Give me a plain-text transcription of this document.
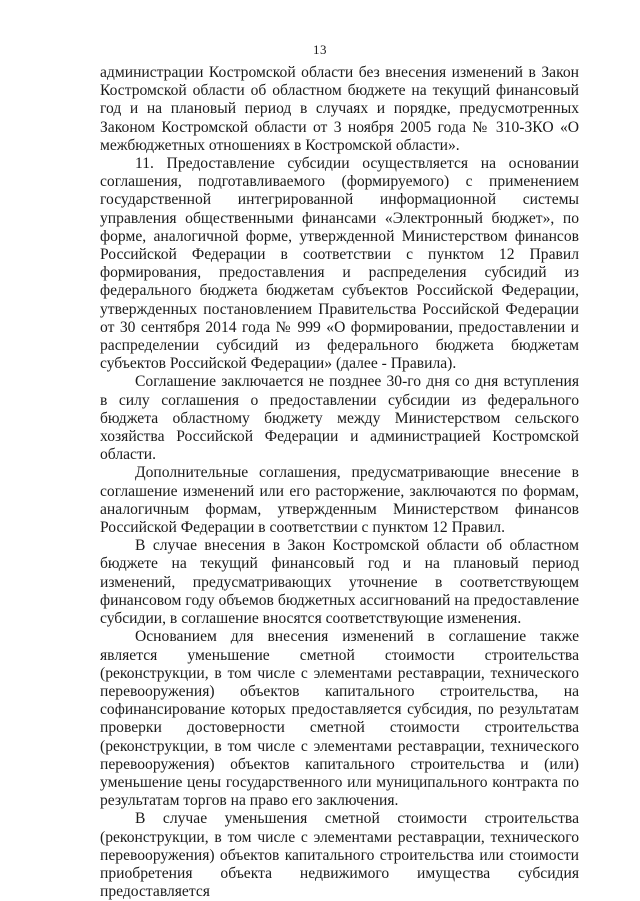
13

администрации Костромской области без внесения изменений в Закон Костромской области об областном бюджете на текущий финансовый год и на плановый период в случаях и порядке, предусмотренных Законом Костромской области от 3 ноября 2005 года № 310-ЗКО «О межбюджетных отношениях в Костромской области».

11. Предоставление субсидии осуществляется на основании соглашения, подготавливаемого (формируемого) с применением государственной интегрированной информационной системы управления общественными финансами «Электронный бюджет», по форме, аналогичной форме, утвержденной Министерством финансов Российской Федерации в соответствии с пунктом 12 Правил формирования, предоставления и распределения субсидий из федерального бюджета бюджетам субъектов Российской Федерации, утвержденных постановлением Правительства Российской Федерации от 30 сентября 2014 года № 999 «О формировании, предоставлении и распределении субсидий из федерального бюджета бюджетам субъектов Российской Федерации» (далее - Правила).

Соглашение заключается не позднее 30-го дня со дня вступления в силу соглашения о предоставлении субсидии из федерального бюджета областному бюджету между Министерством сельского хозяйства Российской Федерации и администрацией Костромской области.

Дополнительные соглашения, предусматривающие внесение в соглашение изменений или его расторжение, заключаются по формам, аналогичным формам, утвержденным Министерством финансов Российской Федерации в соответствии с пунктом 12 Правил.

В случае внесения в Закон Костромской области об областном бюджете на текущий финансовый год и на плановый период изменений, предусматривающих уточнение в соответствующем финансовом году объемов бюджетных ассигнований на предоставление субсидии, в соглашение вносятся соответствующие изменения.

Основанием для внесения изменений в соглашение также является уменьшение сметной стоимости строительства (реконструкции, в том числе с элементами реставрации, технического перевооружения) объектов капитального строительства, на софинансирование которых предоставляется субсидия, по результатам проверки достоверности сметной стоимости строительства (реконструкции, в том числе с элементами реставрации, технического перевооружения) объектов капитального строительства и (или) уменьшение цены государственного или муниципального контракта по результатам торгов на право его заключения.

В случае уменьшения сметной стоимости строительства (реконструкции, в том числе с элементами реставрации, технического перевооружения) объектов капитального строительства или стоимости приобретения объекта недвижимого имущества субсидия предоставляется
